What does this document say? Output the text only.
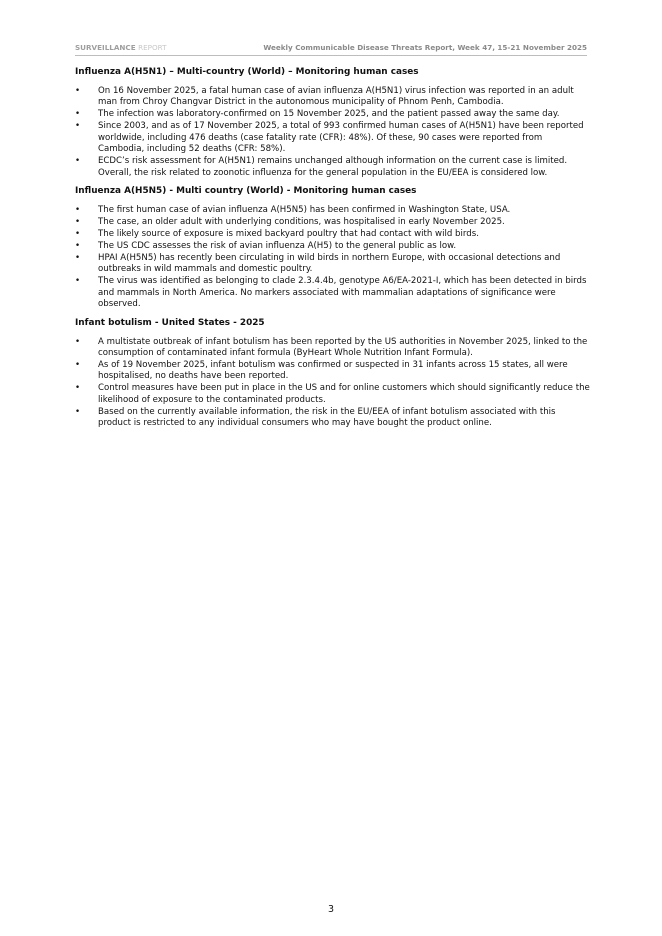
SURVEILLANCE REPORT	Weekly Communicable Disease Threats Report, Week 47, 15-21 November 2025
Influenza A(H5N1) – Multi-country (World) – Monitoring human cases
• On 16 November 2025, a fatal human case of avian influenza A(H5N1) virus infection was reported in an adult man from Chroy Changvar District in the autonomous municipality of Phnom Penh, Cambodia.
• The infection was laboratory-confirmed on 15 November 2025, and the patient passed away the same day.
• Since 2003, and as of 17 November 2025, a total of 993 confirmed human cases of A(H5N1) have been reported worldwide, including 476 deaths (case fatality rate (CFR): 48%). Of these, 90 cases were reported from Cambodia, including 52 deaths (CFR: 58%).
• ECDC’s risk assessment for A(H5N1) remains unchanged although information on the current case is limited. Overall, the risk related to zoonotic influenza for the general population in the EU/EEA is considered low.
Influenza A(H5N5) - Multi country (World) - Monitoring human cases
• The first human case of avian influenza A(H5N5) has been confirmed in Washington State, USA.
• The case, an older adult with underlying conditions, was hospitalised in early November 2025.
• The likely source of exposure is mixed backyard poultry that had contact with wild birds.
• The US CDC assesses the risk of avian influenza A(H5) to the general public as low.
• HPAI A(H5N5) has recently been circulating in wild birds in northern Europe, with occasional detections and outbreaks in wild mammals and domestic poultry.
• The virus was identified as belonging to clade 2.3.4.4b, genotype A6/EA-2021-I, which has been detected in birds and mammals in North America. No markers associated with mammalian adaptations of significance were observed.
Infant botulism - United States - 2025
• A multistate outbreak of infant botulism has been reported by the US authorities in November 2025, linked to the consumption of contaminated infant formula (ByHeart Whole Nutrition Infant Formula).
• As of 19 November 2025, infant botulism was confirmed or suspected in 31 infants across 15 states, all were hospitalised, no deaths have been reported.
• Control measures have been put in place in the US and for online customers which should significantly reduce the likelihood of exposure to the contaminated products.
• Based on the currently available information, the risk in the EU/EEA of infant botulism associated with this product is restricted to any individual consumers who may have bought the product online.
3
